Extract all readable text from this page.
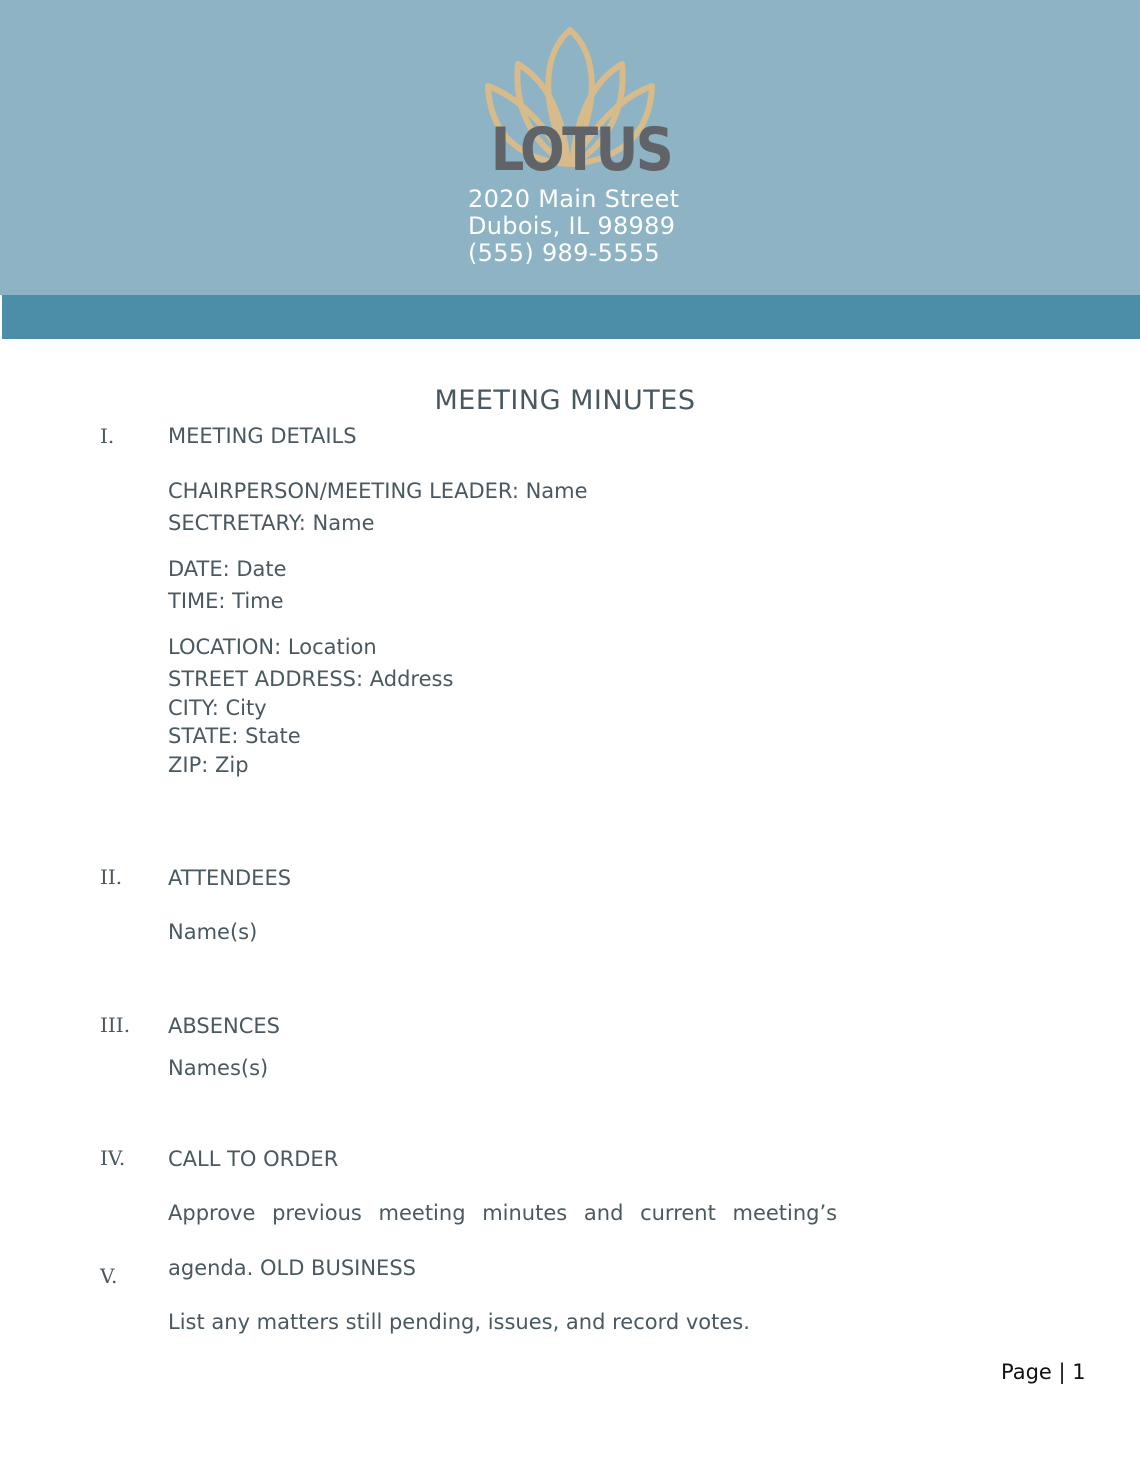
LOTUS
2020 Main Street
Dubois, IL 98989
(555) 989-5555
MEETING MINUTES
I.	MEETING DETAILS
CHAIRPERSON/MEETING LEADER: Name
SECTRETARY: Name
DATE: Date
TIME: Time
LOCATION: Location
STREET ADDRESS: Address
CITY: City
STATE: State
ZIP: Zip
II. ATTENDEES
Name(s)
III. ABSENCES
Names(s)
IV. CALL TO ORDER
Approve previous meeting minutes and current meeting’s
V. agenda. OLD BUSINESS
List any matters still pending, issues, and record votes.
Page | 1
